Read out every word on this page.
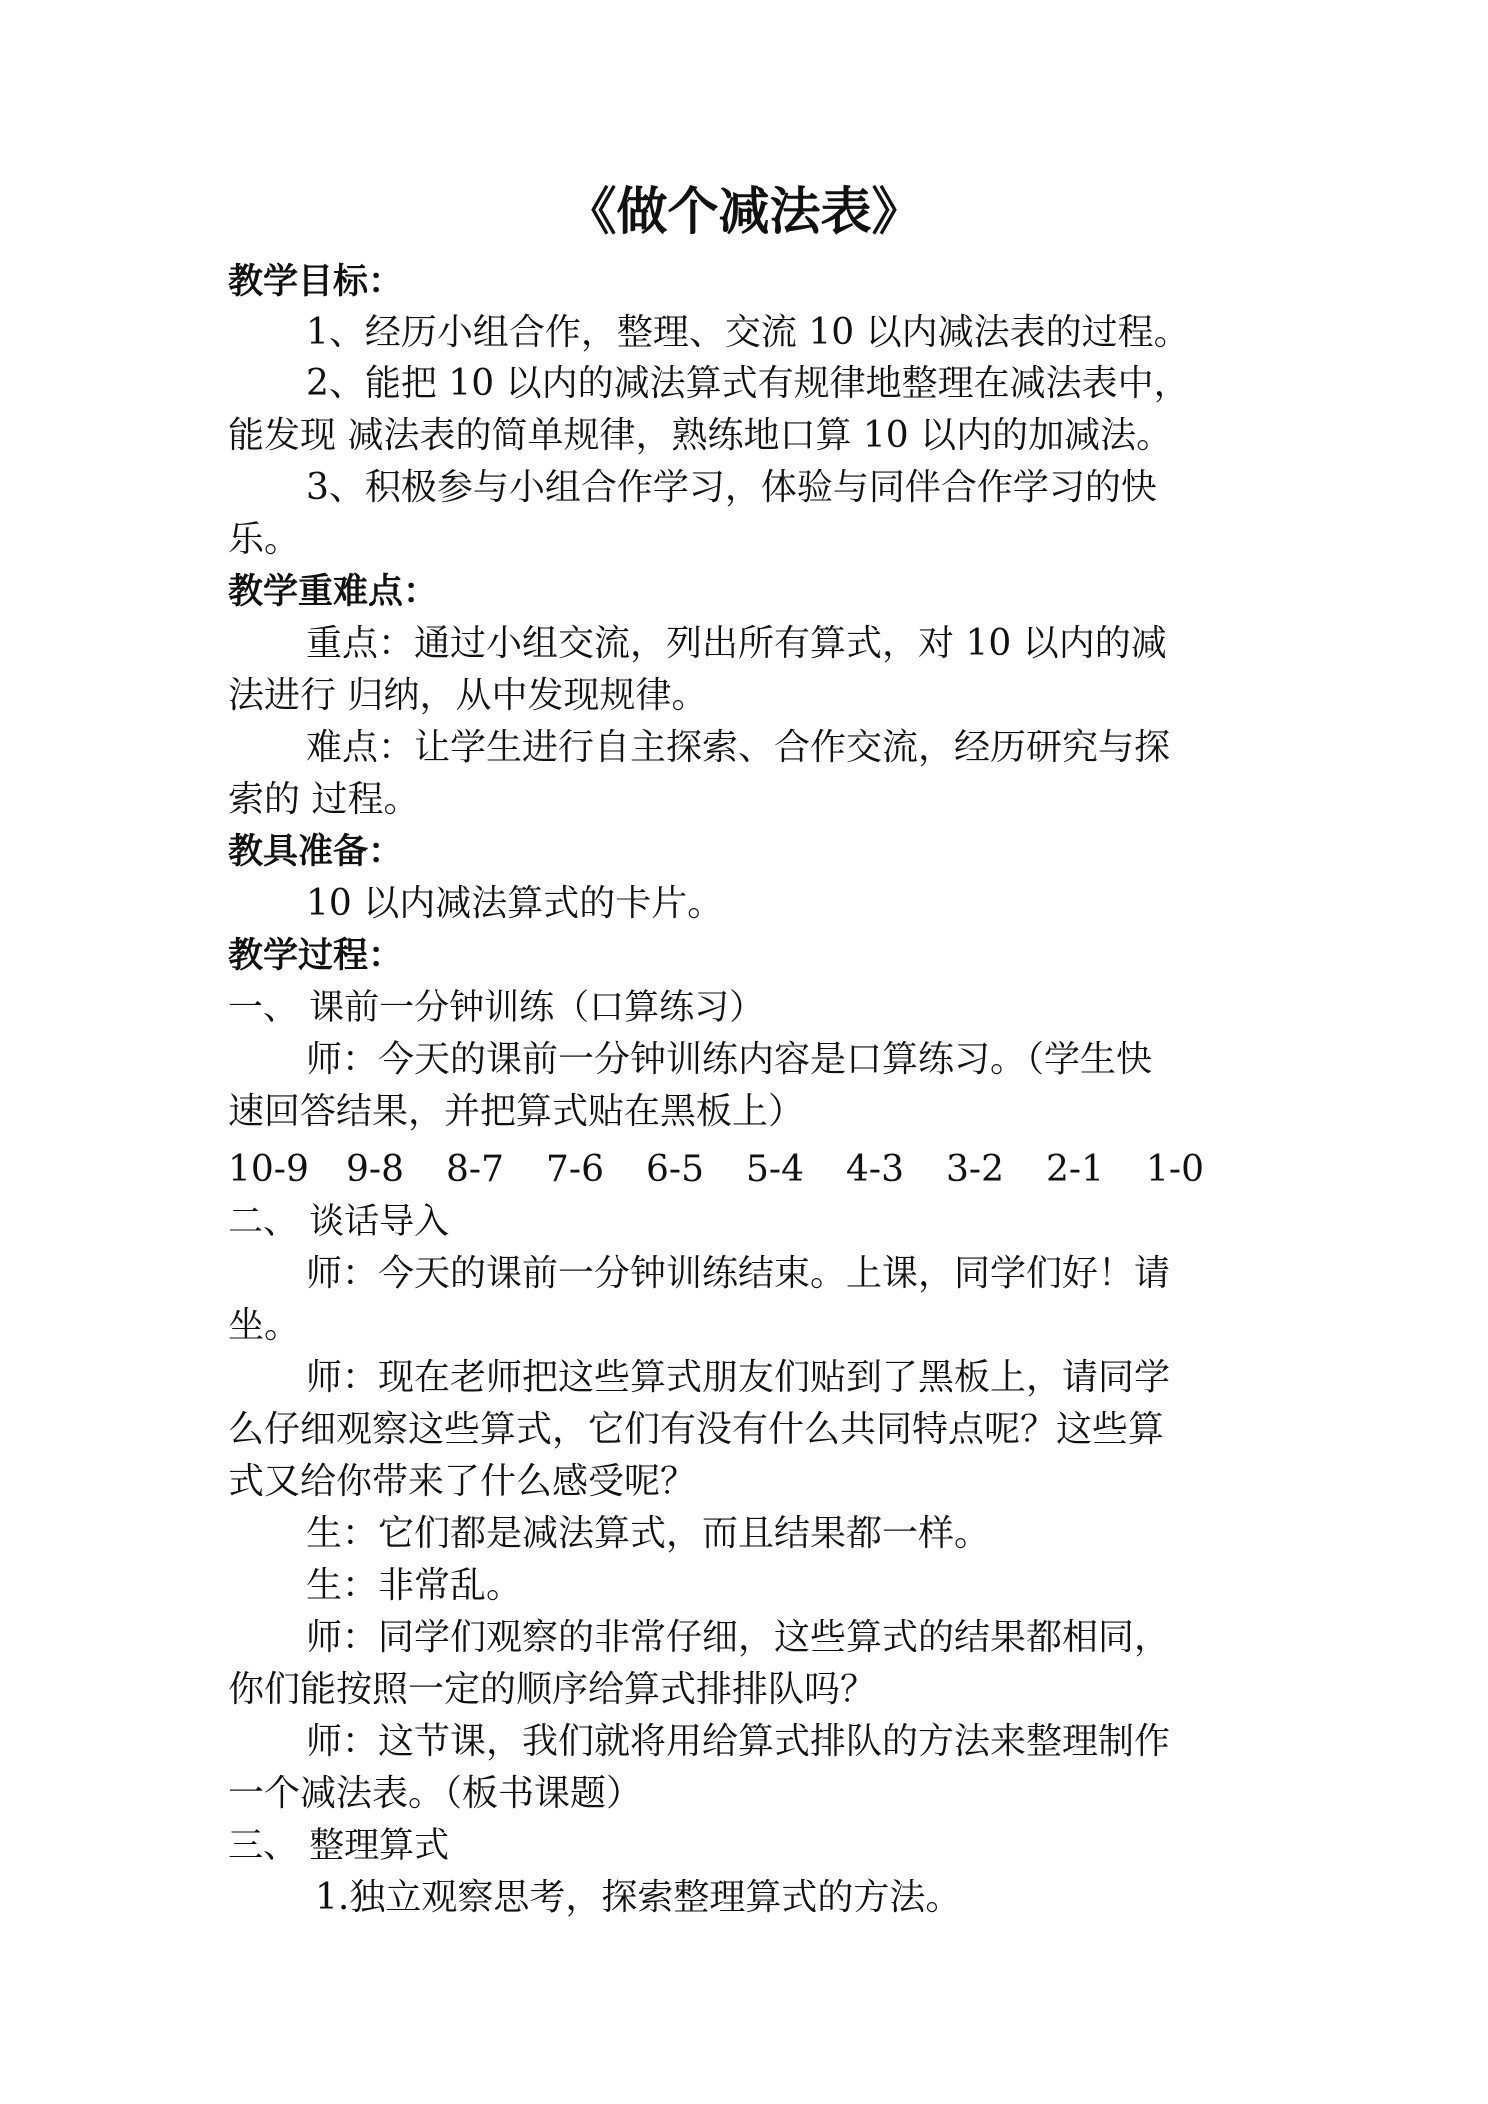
《做个减法表》
教学目标：
1、经历小组合作，整理、交流 10 以内减法表的过程。
2、能把 10 以内的减法算式有规律地整理在减法表中，
能发现 减法表的简单规律，熟练地口算 10 以内的加减法。
3、积极参与小组合作学习，体验与同伴合作学习的快
乐。
教学重难点：
重点：通过小组交流，列出所有算式，对 10 以内的减
法进行 归纳，从中发现规律。
难点：让学生进行自主探索、合作交流，经历研究与探
索的 过程。
教具准备：
10 以内减法算式的卡片。
教学过程：
一、 课前一分钟训练（口算练习）
师：今天的课前一分钟训练内容是口算练习。（学生快
速回答结果，并把算式贴在黑板上）
10-9 9-8 8-7 7-6 6-5 5-4 4-3 3-2 2-1 1-0
二、 谈话导入
师：今天的课前一分钟训练结束。上课，同学们好！请
坐。
师：现在老师把这些算式朋友们贴到了黑板上，请同学
么仔细观察这些算式，它们有没有什么共同特点呢？这些算
式又给你带来了什么感受呢？
生：它们都是减法算式，而且结果都一样。
生：非常乱。
师：同学们观察的非常仔细，这些算式的结果都相同，
你们能按照一定的顺序给算式排排队吗？
师：这节课，我们就将用给算式排队的方法来整理制作
一个减法表。（板书课题）
三、 整理算式
1.独立观察思考，探索整理算式的方法。
